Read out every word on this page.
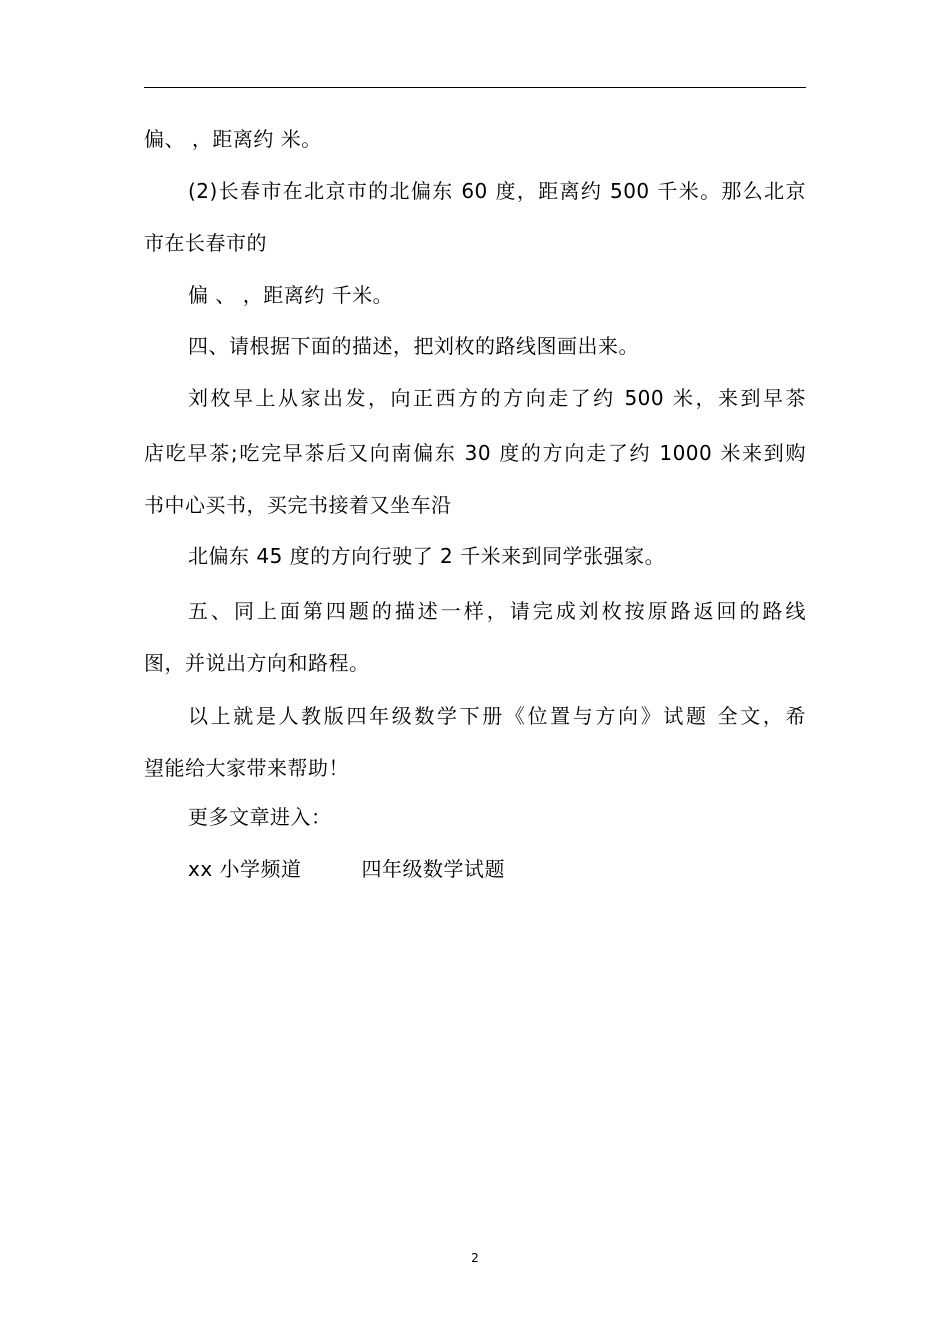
偏、 ，距离约 米。
(2)长春市在北京市的北偏东 60 度，距离约 500 千米。那么北京
市在长春市的
偏 、 ，距离约 千米。
四、请根据下面的描述，把刘枚的路线图画出来。
刘枚早上从家出发，向正西方的方向走了约 500 米，来到早茶
店吃早茶;吃完早茶后又向南偏东 30 度的方向走了约 1000 米来到购
书中心买书，买完书接着又坐车沿
北偏东 45 度的方向行驶了 2 千米来到同学张强家。
五、同上面第四题的描述一样，请完成刘枚按原路返回的路线
图，并说出方向和路程。
以上就是人教版四年级数学下册《位置与方向》试题 全文，希
望能给大家带来帮助！
更多文章进入：
xx 小学频道	四年级数学试题
2
